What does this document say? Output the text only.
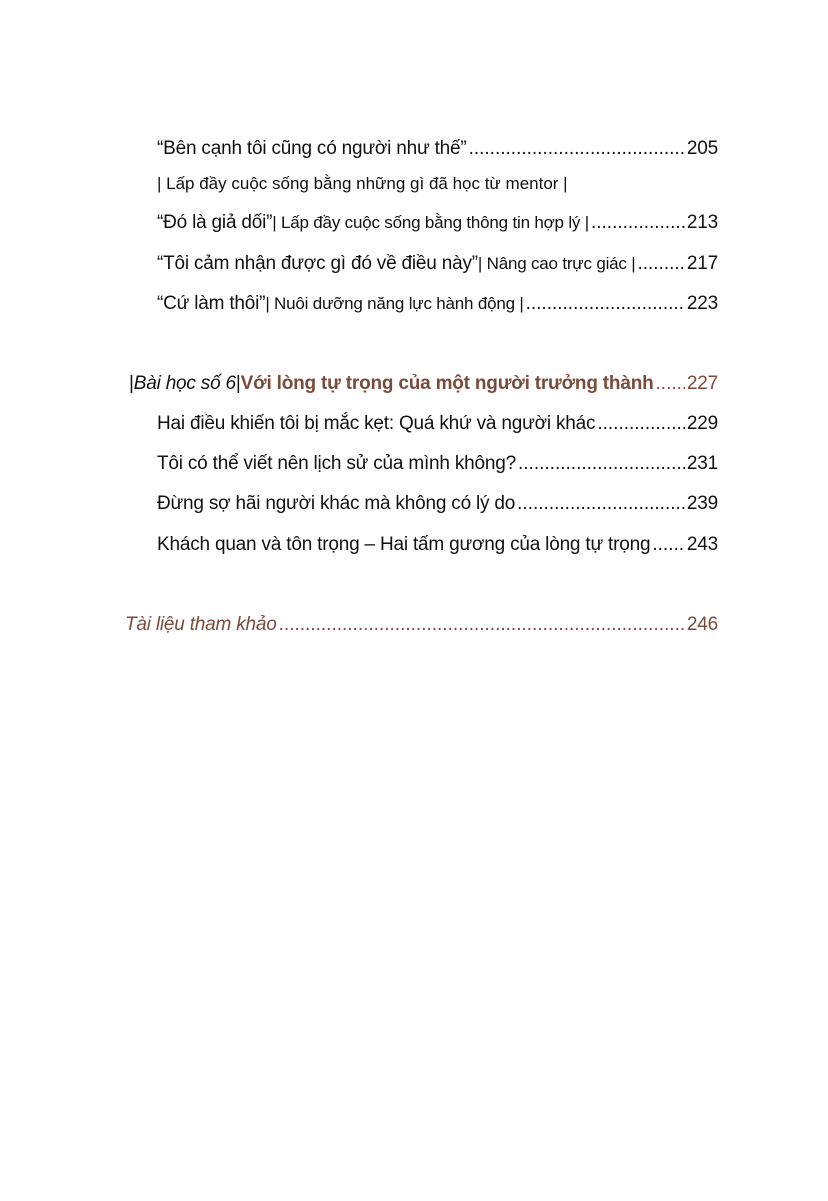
“Bên cạnh tôi cũng có người như thế” .....	205
| Lấp đầy cuộc sống bằng những gì đã học từ mentor |
“Đó là giả dối” | Lấp đầy cuộc sống bằng thông tin hợp lý | .....	213
“Tôi cảm nhận được gì đó về điều này” | Nâng cao trực giác | .....	217
“Cứ làm thôi” | Nuôi dưỡng năng lực hành động | .....	223
| Bài học số 6 | Với lòng tự trọng của một người trưởng thành ..... 227
Hai điều khiến tôi bị mắc kẹt: Quá khứ và người khác .....	229
Tôi có thể viết nên lịch sử của mình không? .....	231
Đừng sợ hãi người khác mà không có lý do .....	239
Khách quan và tôn trọng – Hai tấm gương của lòng tự trọng ..... 243
Tài liệu tham khảo .....	246
